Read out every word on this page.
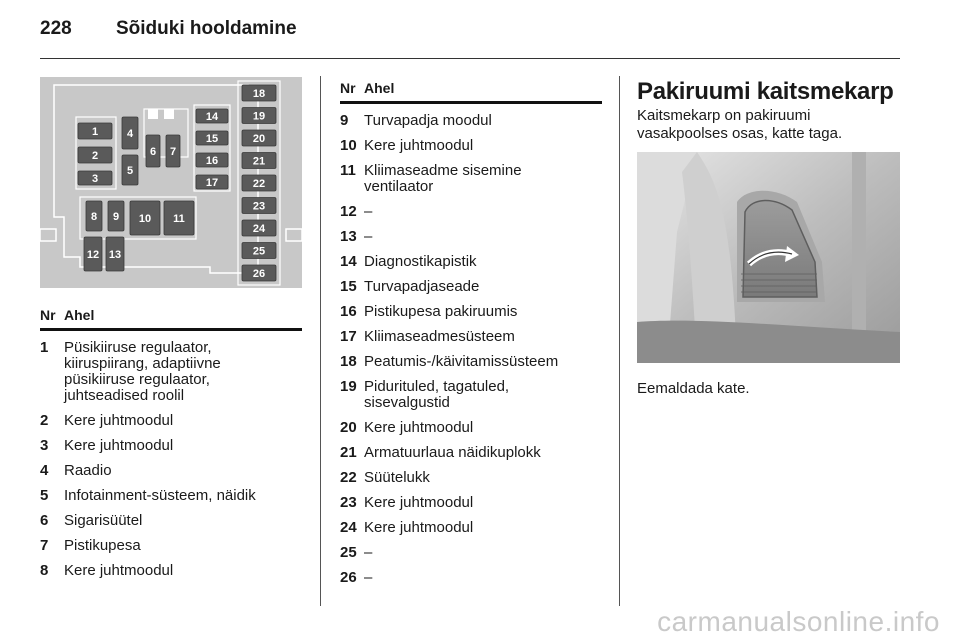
228	Sõiduki hooldamine
1
2
3
4
5
6 7
8 9 10 11
12 13
14
15
16
17
18
19
20
21
22
23
24
25
26
Nr Ahel
1	Püsikiiruse regulaator,
kiiruspiirang, adaptiivne
püsikiiruse regulaator,
juhtseadised roolil
2	Kere juhtmoodul
3	Kere juhtmoodul
4	Raadio
5	Infotainment-süsteem, näidik
6	Sigarisüütel
7	Pistikupesa
8	Kere juhtmoodul
Nr Ahel
9	Turvapadja moodul
10 Kere juhtmoodul
11 Kliimaseadme sisemine
ventilaator
12 –
13 –
14 Diagnostikapistik
15 Turvapadjaseade
16 Pistikupesa pakiruumis
17 Kliimaseadmesüsteem
18 Peatumis-/käivitamissüsteem
19 Pidurituled, tagatuled,
sisevalgustid
20 Kere juhtmoodul
21 Armatuurlaua näidikuplokk
22 Süütelukk
23 Kere juhtmoodul
24 Kere juhtmoodul
25 –
26 –
Pakiruumi kaitsmekarp
Kaitsmekarp on pakiruumi
vasakpoolses osas, katte taga.
Eemaldada kate.
carmanualsonline.info
